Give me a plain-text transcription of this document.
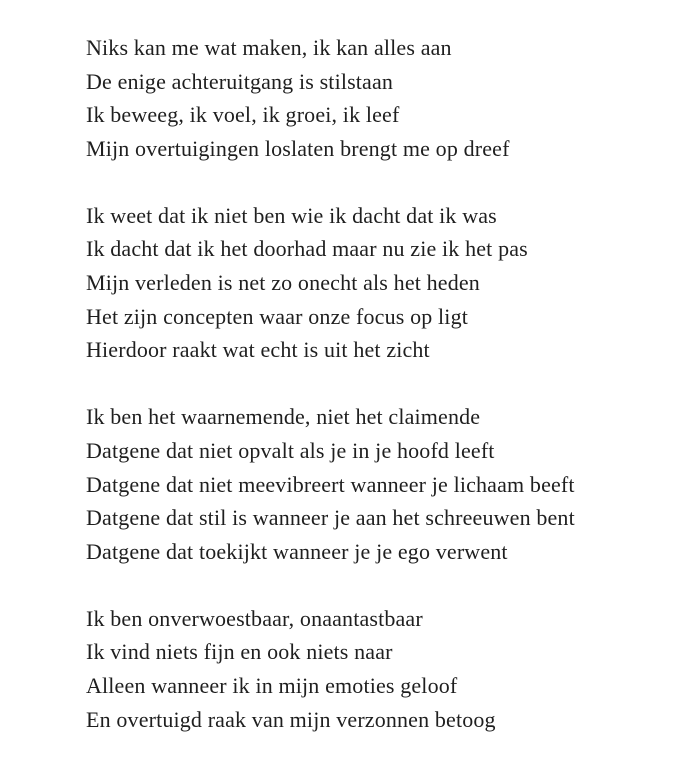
Niks kan me wat maken, ik kan alles aan
De enige achteruitgang is stilstaan
Ik beweeg, ik voel, ik groei, ik leef
Mijn overtuigingen loslaten brengt me op dreef
Ik weet dat ik niet ben wie ik dacht dat ik was
Ik dacht dat ik het doorhad maar nu zie ik het pas
Mijn verleden is net zo onecht als het heden
Het zijn concepten waar onze focus op ligt
Hierdoor raakt wat echt is uit het zicht
Ik ben het waarnemende, niet het claimende
Datgene dat niet opvalt als je in je hoofd leeft
Datgene dat niet meevibreert wanneer je lichaam beeft
Datgene dat stil is wanneer je aan het schreeuwen bent
Datgene dat toekijkt wanneer je je ego verwent
Ik ben onverwoestbaar, onaantastbaar
Ik vind niets fijn en ook niets naar
Alleen wanneer ik in mijn emoties geloof
En overtuigd raak van mijn verzonnen betoog
